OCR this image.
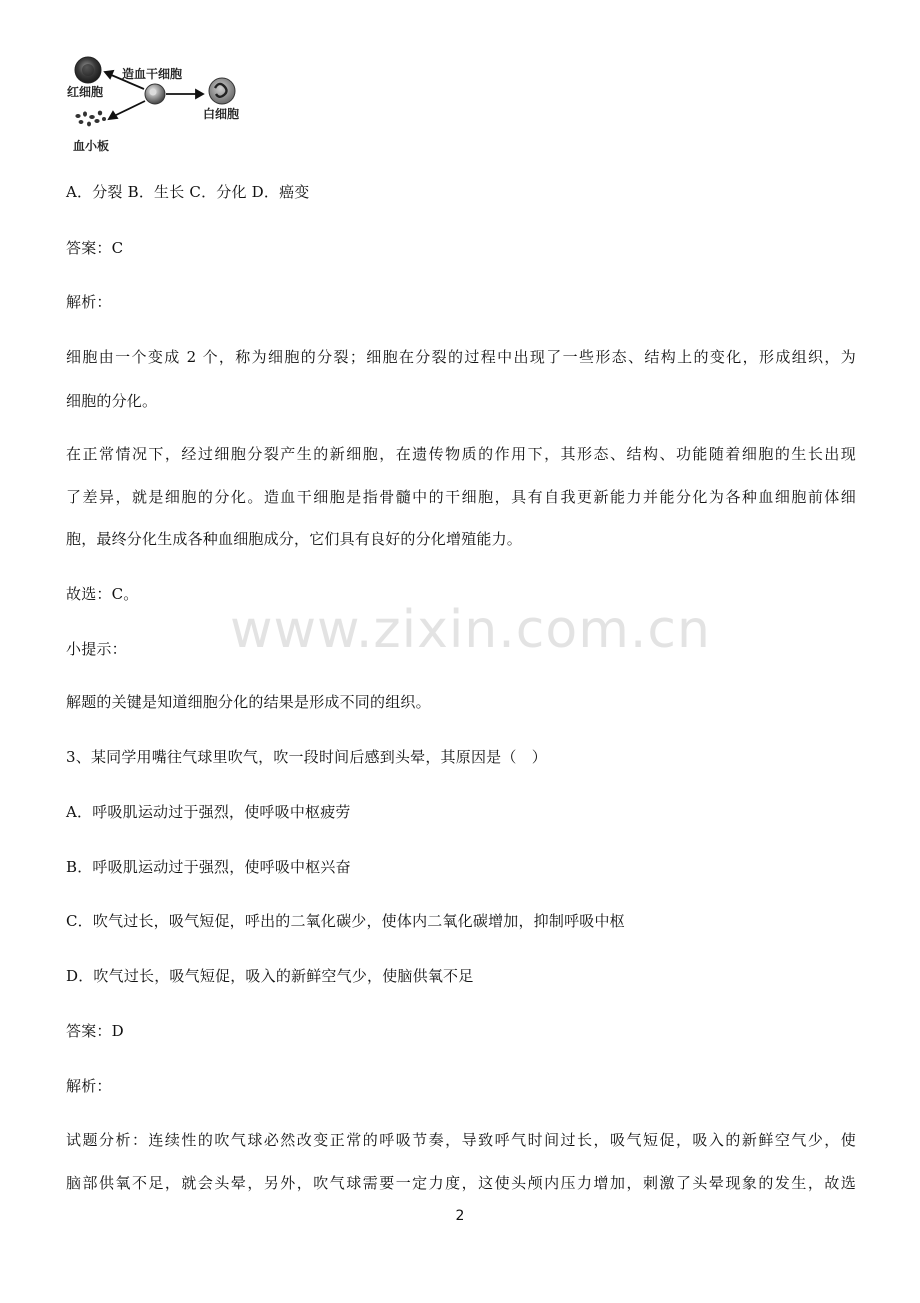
造血干细胞
红细胞
白细胞
血小板
A．分裂 B．生长 C．分化 D．癌变
答案：C
解析：
细胞由一个变成 2 个，称为细胞的分裂；细胞在分裂的过程中出现了一些形态、结构上的变化，形成组织，为
细胞的分化。
在正常情况下，经过细胞分裂产生的新细胞，在遗传物质的作用下，其形态、结构、功能随着细胞的生长出现
了差异，就是细胞的分化。造血干细胞是指骨髓中的干细胞，具有自我更新能力并能分化为各种血细胞前体细
胞，最终分化生成各种血细胞成分，它们具有良好的分化增殖能力。
故选：C。
小提示：
解题的关键是知道细胞分化的结果是形成不同的组织。
3、某同学用嘴往气球里吹气，吹一段时间后感到头晕，其原因是（　）
A．呼吸肌运动过于强烈，使呼吸中枢疲劳
B．呼吸肌运动过于强烈，使呼吸中枢兴奋
C．吹气过长，吸气短促，呼出的二氧化碳少，使体内二氧化碳增加，抑制呼吸中枢
D．吹气过长，吸气短促，吸入的新鲜空气少，使脑供氧不足
答案：D
解析：
试题分析：连续性的吹气球必然改变正常的呼吸节奏，导致呼气时间过长，吸气短促，吸入的新鲜空气少，使
脑部供氧不足，就会头晕，另外，吹气球需要一定力度，这使头颅内压力增加，刺激了头晕现象的发生，故选
www.zixin.com.cn
2
